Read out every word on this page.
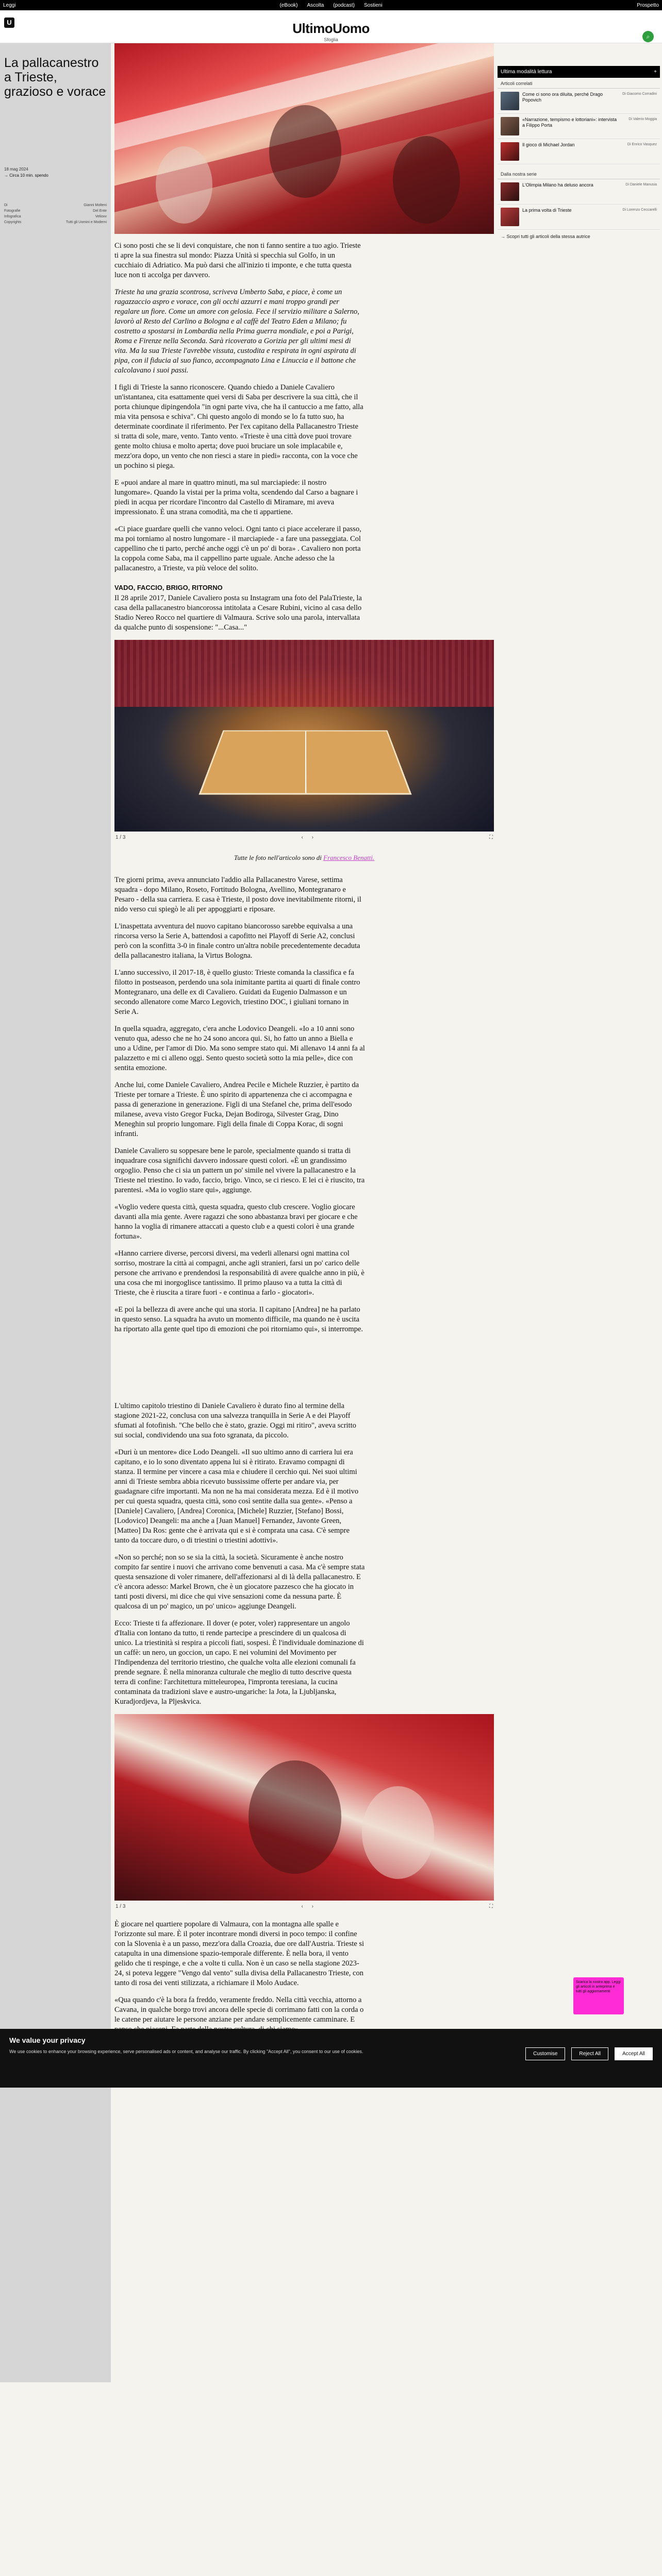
Leggi	(eBook) Ascolta (podcast) Sostieni	Prospetto
U	UltimoUomo
Sfoglia	⌕
La pallacanestro a Trieste, grazioso e vorace
18 mag 2024
→ Circa 10 min. spendo
Di	Gianni Molteni
Fotografie	Del Ente
Infografica	Veliovv
Copyrights	Tutti gli Uomini e Moderni
Ultima modalità lettura	+
Articoli correlati
Come ci sono ora diluita, perché Drago Popovich
Di Giacomo Corradini
«Narrazione, tempismo e lottoriani»: intervista a Filippo Porta
Di Valerio Moggia
Il gioco di Michael Jordan	Di Enrico Vasquez
Dalla nostra serie
L'Olimpia Milano ha deluso ancora	Di Daniele Manusia
La prima volta di Trieste	Di Lorenzo Ceccarelli
→ Scopri tutti gli articoli della stessa autrice

Ci sono posti che se li devi conquistare, che non ti fanno sentire a tuo agio. Trieste ti apre la sua finestra sul mondo: Piazza Unità si specchia sul Golfo, in un cucchiaio di Adriatico. Ma può darsi che all'inizio ti imponte, e che tutta questa luce non ti accolga per davvero.

Trieste ha una grazia scontrosa, scriveva Umberto Saba, e piace, è come un ragazzaccio aspro e vorace, con gli occhi azzurri e mani troppo grandi per regalare un fiore. Come un amore con gelosia. Fece il servizio militare a Salerno, lavorò al Resto del Carlino a Bologna e al caffè del Teatro Eden a Milano; fu costretto a spostarsi in Lombardia nella Prima guerra mondiale, e poi a Parigi, Roma e Firenze nella Seconda. Sarà ricoverato a Gorizia per gli ultimi mesi di vita. Ma la sua Trieste l'avrebbe vissuta, custodita e respirata in ogni aspirata di pipa, con il fiducia al suo fianco, accompagnato Lina e Linuccia e il battone che calcolavano i suoi passi.

I figli di Trieste la sanno riconoscere. Quando chiedo a Daniele Cavaliero un'istantanea, cita esattamente quei versi di Saba per descrivere la sua città, che il porta chiunque dipingendola "in ogni parte viva, che ha il cantuccio a me fatto, alla mia vita pensosa e schiva". Chi questo angolo di mondo se lo fa tutto suo, ha determinate coordinate il riferimento. Per l'ex capitano della Pallacanestro Trieste si tratta di sole, mare, vento. Tanto vento. «Trieste è una città dove puoi trovare gente molto chiusa e molto aperta; dove puoi bruciare un sole implacabile e, mezz'ora dopo, un vento che non riesci a stare in piedi» racconta, con la voce che un pochino si piega.

E «puoi andare al mare in quattro minuti, ma sul marciapiede: il nostro lungomare». Quando la vistai per la prima volta, scendendo dal Carso a bagnare i piedi in acqua per ricordare l'incontro dal Castello di Miramare, mi aveva impressionato. È una strana comodità, ma che ti appartiene.

«Ci piace guardare quelli che vanno veloci. Ogni tanto ci piace accelerare il passo, ma poi torniamo al nostro lungomare - il marciapiede - a fare una passeggiata. Col cappellino che ti parto, perché anche oggi c'è un po' di bora» . Cavaliero non porta la coppola come Saba, ma il cappellino parte uguale. Anche adesso che la pallacanestro, a Trieste, va più veloce del solito.

VADO, FACCIO, BRIGO, RITORNO

Il 28 aprile 2017, Daniele Cavaliero posta su Instagram una foto del PalaTrieste, la casa della pallacanestro biancorossa intitolata a Cesare Rubini, vicino al casa dello Stadio Nereo Rocco nel quartiere di Valmaura. Scrive solo una parola, intervallata da qualche punto di sospensione: "...Casa..."

1 / 3	‹ ›	⛶
Tutte le foto nell'articolo sono di Francesco Benatti.

Tre giorni prima, aveva annunciato l'addio alla Pallacanestro Varese, settima squadra - dopo Milano, Roseto, Fortitudo Bologna, Avellino, Montegranaro e Pesaro - della sua carriera. E casa è Trieste, il posto dove inevitabilmente ritorni, il nido verso cui spiegò le ali per appoggiarti e riposare.

L'inaspettata avventura del nuovo capitano biancorosso sarebbe equivalsa a una rincorsa verso la Serie A, battendosi a capofitto nei Playoff di Serie A2, conclusi però con la sconfitta 3-0 in finale contro un'altra nobile precedentemente decaduta della pallacanestro italiana, la Virtus Bologna.

L'anno successivo, il 2017-18, è quello giusto: Trieste comanda la classifica e fa filotto in postseason, perdendo una sola inimitante partita ai quarti di finale contro Montegranaro, una delle ex di Cavaliero. Guidati da Eugenio Dalmasson e un secondo allenatore come Marco Legovich, triestino DOC, i giuliani tornano in Serie A.

In quella squadra, aggregato, c'era anche Lodovico Deangeli. «Io a 10 anni sono venuto qua, adesso che ne ho 24 sono ancora qui. Si, ho fatto un anno a Biella e uno a Udine, per l'amor di Dio. Ma sono sempre stato qui. Mi allenavo 14 anni fa al palazzetto e mi ci alleno oggi. Sento questo società sotto la mia pelle», dice con sentita emozione.

Anche lui, come Daniele Cavaliero, Andrea Pecile e Michele Ruzzier, è partito da Trieste per tornare a Trieste. È uno spirito di appartenenza che ci accompagna e passa di generazione in generazione. Figli di una Stefanel che, prima dell'esodo milanese, aveva visto Gregor Fucka, Dejan Bodiroga, Silvester Grag, Dino Meneghin sul proprio lungomare. Figli della finale di Coppa Korac, di sogni infranti.

Daniele Cavaliero su soppesare bene le parole, specialmente quando si tratta di inquadrare cosa significhi davvero indossare questi colori. «È un grandissimo orgoglio. Penso che ci sia un pattern un po' simile nel vivere la pallacanestro e la Trieste nel triestino. Io vado, faccio, brigo. Vinco, se ci riesco. E lei ci è riuscito, tra parentesi. «Ma io voglio stare qui», aggiunge.

«Voglio vedere questa città, questa squadra, questo club crescere. Voglio giocare davanti alla mia gente. Avere ragazzi che sono abbastanza bravi per giocare e che hanno la voglia di rimanere attaccati a questo club e a questi colori è una grande fortuna».

«Hanno carriere diverse, percorsi diversi, ma vederli allenarsi ogni mattina col sorriso, mostrare la città ai compagni, anche agli stranieri, farsi un po' carico delle persone che arrivano e prendendosi la responsabilità di avere qualche anno in più, è una cosa che mi inorgoglisce tantissimo. Il primo plauso va a tutta la città di Trieste, che è riuscita a tirare fuori - e continua a farlo - giocatori».

«E poi la bellezza di avere anche qui una storia. Il capitano [Andrea] ne ha parlato in questo senso. La squadra ha avuto un momento difficile, ma quando ne è uscita ha riportato alla gente quel tipo di emozioni che poi ritorniamo qui», si interrompe.

L'ultimo capitolo triestino di Daniele Cavaliero è durato fino al termine della stagione 2021-22, conclusa con una salvezza tranquilla in Serie A e dei Playoff sfumati al fotofinish. "Che bello che è stato, grazie. Oggi mi ritiro", aveva scritto sui social, condividendo una sua foto sgranata, da piccolo.

«Duri ù un mentore» dice Lodo Deangeli. «Il suo ultimo anno di carriera lui era capitano, e io lo sono diventato appena lui si è ritirato. Eravamo compagni di stanza. Il termine per vincere a casa mia e chiudere il cerchio qui. Nei suoi ultimi anni di Trieste sembra abbia ricevuto bussissime offerte per andare via, per guadagnare cifre importanti. Ma non ne ha mai considerata mezza. Ed è il motivo per cui questa squadra, questa città, sono così sentite dalla sua gente». «Penso a [Daniele] Cavaliero, [Andrea] Coronica, [Michele] Ruzzier, [Stefano] Bossi, [Lodovico] Deangeli: ma anche a [Juan Manuel] Fernandez, Javonte Green, [Matteo] Da Ros: gente che è arrivata qui e si è comprata una casa. C'è sempre tanto da toccare duro, o di triestini o triestini adottivi».

«Non so perché; non so se sia la città, la società. Sicuramente è anche nostro compito far sentire i nuovi che arrivano come benvenuti a casa. Ma c'è sempre stata questa sensazione di voler rimanere, dell'affezionarsi al di là della pallacanestro. E c'è ancora adesso: Markel Brown, che è un giocatore pazzesco che ha giocato in tanti posti diversi, mi dice che qui vive sensazioni come da nessuna parte. È qualcosa di un po' magico, un po' unico» aggiunge Deangeli.

Ecco: Trieste ti fa affezionare. Il dover (e poter, voler) rappresentare un angolo d'Italia con lontano da tutto, ti rende partecipe a prescindere di un qualcosa di unico. La triestinità si respira a piccoli fiati, sospesi. È l'individuale dominazione di un caffè: un nero, un goccion, un capo. E nei volumini del Movimento per l'Indipendenza del territorio triestino, che qualche volta alle elezioni comunali fa prende segnare. È nella minoranza culturale che meglio di tutto descrive questa terra di confine: l'architettura mitteleuropea, l'impronta teresiana, la cucina contaminata da tradizioni slave e austro-ungariche: la Jota, la Ljubljanska, Kuradjordjeva, la Pljeskvica.

1 / 3	‹ ›	⛶

È giocare nel quartiere popolare di Valmaura, con la montagna alle spalle e l'orizzonte sul mare. È il poter incontrare mondi diversi in poco tempo: il confine con la Slovenia è a un passo, mezz'ora dalla Croazia, due ore dall'Austria. Trieste si catapulta in una dimensione spazio-temporale differente. È nella bora, il vento gelido che ti respinge, e che a volte ti culla. Non è un caso se nella stagione 2023-24, si poteva leggere "Vengo dal vento" sulla divisa della Pallacanestro Trieste, con tanto di rosa dei venti stilizzata, a richiamare il Molo Audace.

«Qua quando c'è la bora fa freddo, veramente freddo. Nella città vecchia, attorno a Cavana, in qualche borgo trovi ancora delle specie di corrimano fatti con la corda o le catene per aiutare le persone anziane per andare semplicemente camminare. E

Scarica la nostra app. Leggi gli articoli in anteprima e tutti gli aggiornamenti
We value your privacy
We use cookies to enhance your browsing experience, serve personalised ads or content, and analyse our traffic. By clicking "Accept All", you consent to our use of cookies.	Customise	Reject All	Accept All
